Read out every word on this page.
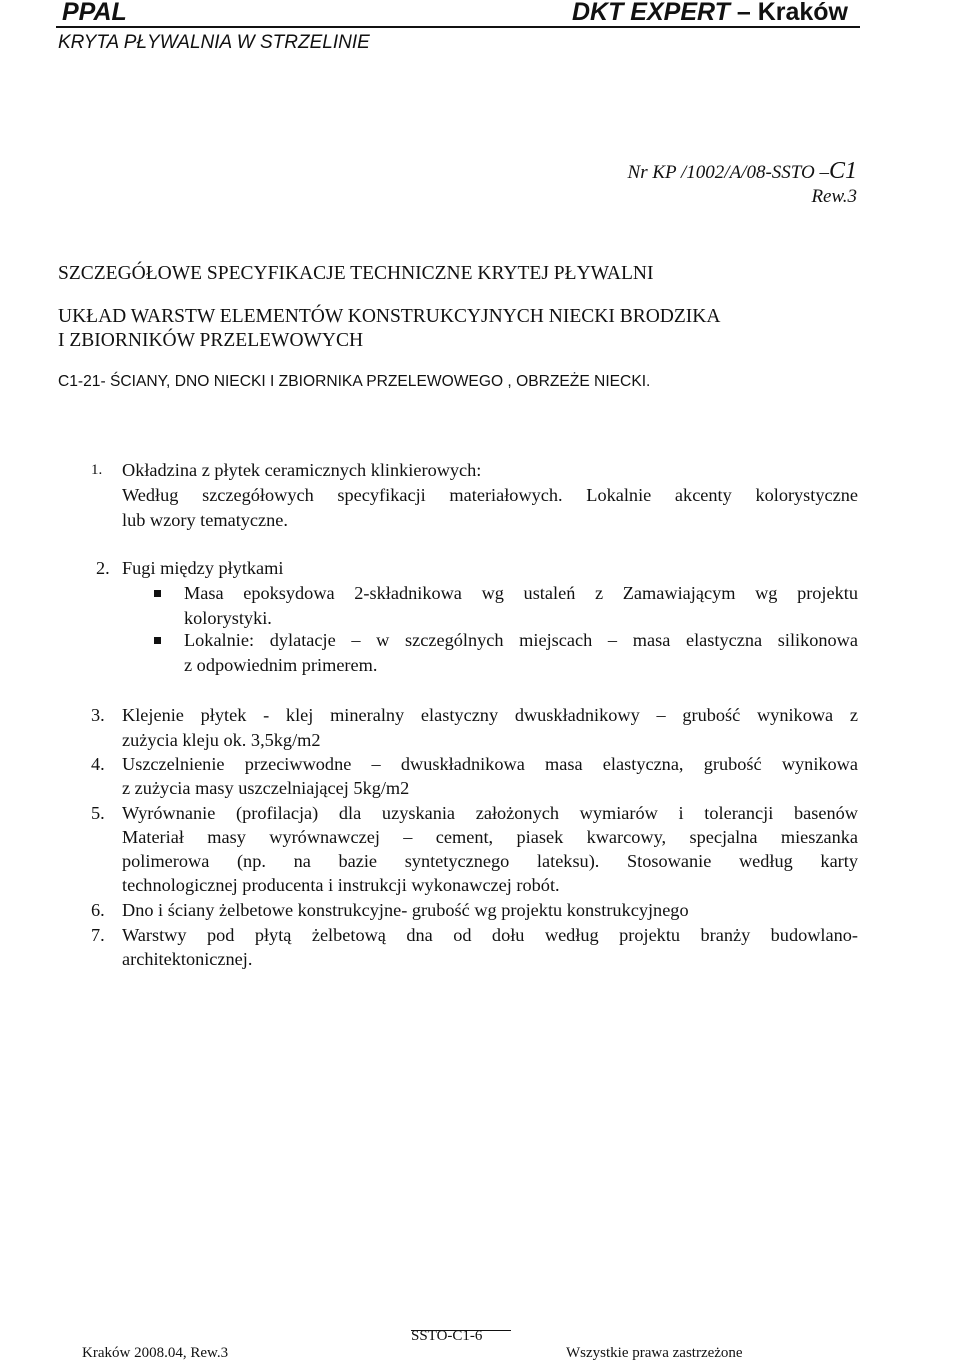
PPAL	DKT EXPERT – Kraków
KRYTA PŁYWALNIA W STRZELINIE
Nr KP /1002/A/08-SSTO –C1
Rew.3
SZCZEGÓŁOWE SPECYFIKACJE TECHNICZNE KRYTEJ PŁYWALNI
UKŁAD WARSTW ELEMENTÓW KONSTRUKCYJNYCH NIECKI BRODZIKA
I ZBIORNIKÓW PRZELEWOWYCH
C1-21- ŚCIANY, DNO NIECKI I ZBIORNIKA PRZELEWOWEGO , OBRZEŻE NIECKI.
1. Okładzina z płytek ceramicznych klinkierowych:
Według szczegółowych specyfikacji materiałowych. Lokalnie akcenty kolorystyczne
lub wzory tematyczne.
2. Fugi między płytkami
Masa epoksydowa 2-składnikowa wg ustaleń z Zamawiającym wg projektu
kolorystyki.
Lokalnie: dylatacje – w szczególnych miejscach – masa elastyczna silikonowa
z odpowiednim primerem.
3. Klejenie płytek - klej mineralny elastyczny dwuskładnikowy – grubość wynikowa z
zużycia kleju ok. 3,5kg/m2
4. Uszczelnienie przeciwwodne – dwuskładnikowa masa elastyczna, grubość wynikowa
z zużycia masy uszczelniającej 5kg/m2
5. Wyrównanie (profilacja) dla uzyskania założonych wymiarów i tolerancji basenów
Materiał masy wyrównawczej – cement, piasek kwarcowy, specjalna mieszanka
polimerowa (np. na bazie syntetycznego lateksu). Stosowanie według karty
technologicznej producenta i instrukcji wykonawczej robót.
6. Dno i ściany żelbetowe konstrukcyjne- grubość wg projektu konstrukcyjnego
7. Warstwy pod płytą żelbetową dna od dołu według projektu branży budowlano-
architektonicznej.
SSTO-C1-6
Kraków 2008.04, Rew.3	Wszystkie prawa zastrzeżone
